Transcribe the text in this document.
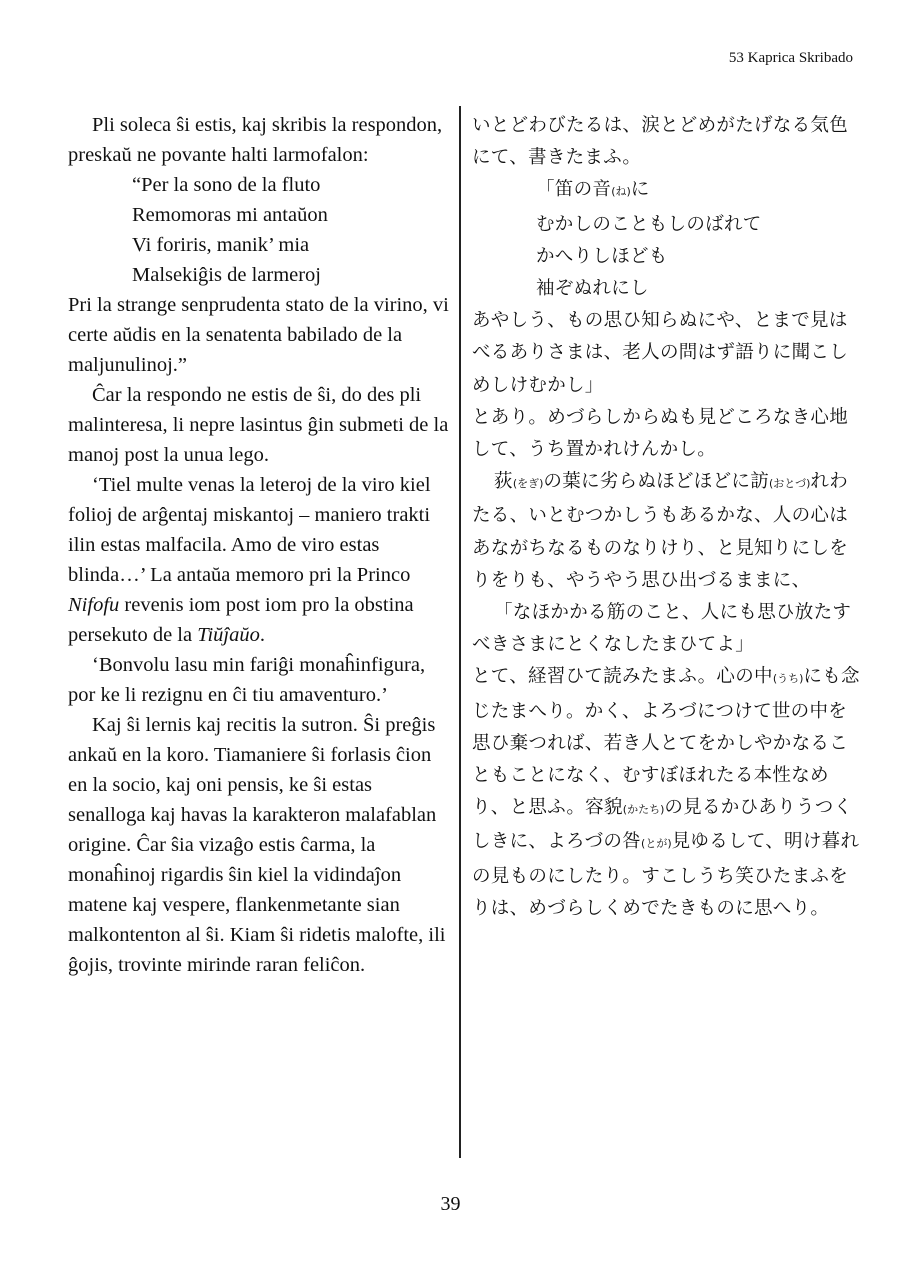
53 Kaprica Skribado

Pli soleca ŝi estis, kaj skribis la respondon, preskaŭ ne povante halti larmofalon:

“Per la sono de la fluto

Remomoras mi antaŭon

Vi foriris, manik’ mia

Malsekiĝis de larmeroj

Pri la strange senprudenta stato de la virino, vi certe aŭdis en la senatenta babilado de la maljunulinoj.”

Ĉar la respondo ne estis de ŝi, do des pli malinteresa, li nepre lasintus ĝin submeti de la manoj post la unua lego.

‘Tiel multe venas la leteroj de la viro kiel folioj de arĝentaj miskantoj – maniero trakti ilin estas malfacila. Amo de viro estas blinda…’ La antaŭa memoro pri la Princo Nifofu revenis iom post iom pro la obstina persekuto de la Tiŭĵaŭo.

‘Bonvolu lasu min fariĝi monaĥinfigura, por ke li rezignu en ĉi tiu amaventuro.’

Kaj ŝi lernis kaj recitis la sutron. Ŝi preĝis ankaŭ en la koro. Tiamaniere ŝi forlasis ĉion en la socio, kaj oni pensis, ke ŝi estas senalloga kaj havas la karakteron malafablan origine. Ĉar ŝia vizaĝo estis ĉarma, la monaĥinoj rigardis ŝin kiel la vidindaĵon matene kaj vespere, flankenmetante sian malkontenton al ŝi. Kiam ŝi ridetis malofte, ili ĝojis, trovinte mirinde raran feliĉon.

いとどわびたるは、涙とどめがたげなる気色にて、書きたまふ。

「笛の音(ね)に

むかしのこともしのばれて

かへりしほども

袖ぞぬれにし

あやしう、もの思ひ知らぬにや、とまで見はべるありさまは、老人の問はず語りに聞こしめしけむかし」

とあり。めづらしからぬも見どころなき心地して、うち置かれけんかし。

荻(をぎ)の葉に劣らぬほどほどに訪(おとづ)れわたる、いとむつかしうもあるかな、人の心はあながちなるものなりけり、と見知りにしをりをりも、やうやう思ひ出づるままに、

「なほかかる筋のこと、人にも思ひ放たすべきさまにとくなしたまひてよ」

とて、経習ひて読みたまふ。心の中(うち)にも念じたまへり。かく、よろづにつけて世の中を思ひ棄つれば、若き人とてをかしやかなることもことになく、むすぼほれたる本性なめり、と思ふ。容貌(かたち)の見るかひありうつくしきに、よろづの咎(とが)見ゆるして、明け暮れの見ものにしたり。すこしうち笑ひたまふをりは、めづらしくめでたきものに思へり。

39
